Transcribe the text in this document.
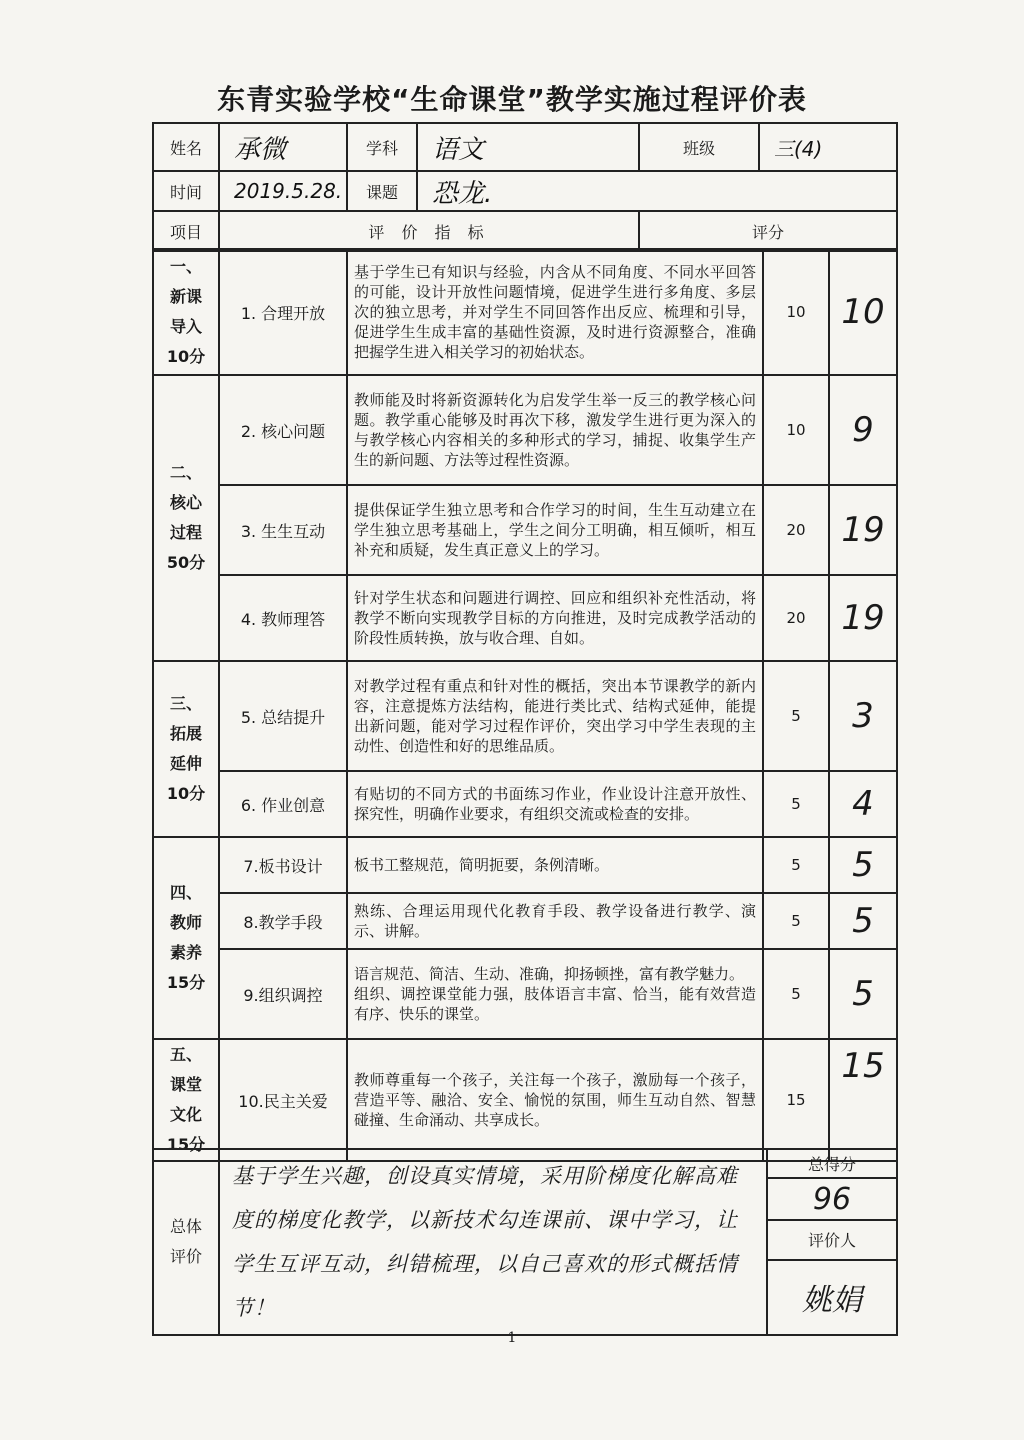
东青实验学校“生命课堂”教学实施过程评价表
姓名	承微	学科	语文	班级	三(4)
时间	2019.5.28.	课题	恐龙.		
项目	评 价 指 标			评分	
一、
新课
导入
10分	1. 合理开放	基于学生已有知识与经验，内含从不同角度、不同水平回答的可能，设计开放性问题情境，促进学生进行多角度、多层次的独立思考，并对学生不同回答作出反应、梳理和引导，促进学生生成丰富的基础性资源，及时进行资源整合，准确把握学生进入相关学习的初始状态。	10	10
二、
核心
过程
50分	2. 核心问题	教师能及时将新资源转化为启发学生举一反三的教学核心问题。教学重心能够及时再次下移，激发学生进行更为深入的与教学核心内容相关的多种形式的学习，捕捉、收集学生产生的新问题、方法等过程性资源。	10	9
	3. 生生互动	提供保证学生独立思考和合作学习的时间，生生互动建立在学生独立思考基础上，学生之间分工明确，相互倾听，相互补充和质疑，发生真正意义上的学习。	20	19
	4. 教师理答	针对学生状态和问题进行调控、回应和组织补充性活动，将教学不断向实现教学目标的方向推进，及时完成教学活动的阶段性质转换，放与收合理、自如。	20	19
三、
拓展
延伸
10分	5. 总结提升	对教学过程有重点和针对性的概括，突出本节课教学的新内容，注意提炼方法结构，能进行类比式、结构式延伸，能提出新问题，能对学习过程作评价，突出学习中学生表现的主动性、创造性和好的思维品质。	5	3
	6. 作业创意	有贴切的不同方式的书面练习作业，作业设计注意开放性、探究性，明确作业要求，有组织交流或检查的安排。	5	4
四、
教师
素养
15分	7.板书设计	板书工整规范，简明扼要，条例清晰。	5	5
	8.教学手段	熟练、合理运用现代化教育手段、教学设备进行教学、演示、讲解。	5	5
	9.组织调控	语言规范、简洁、生动、准确，抑扬顿挫，富有教学魅力。
组织、调控课堂能力强，肢体语言丰富、恰当，能有效营造有序、快乐的课堂。	5	5
五、
课堂
文化
15分	10.民主关爱	教师尊重每一个孩子，关注每一个孩子，激励每一个孩子，营造平等、融洽、安全、愉悦的氛围，师生互动自然、智慧碰撞、生命涌动、共享成长。	15	15
总体
评价	基于学生兴趣，创设真实情境，采用阶梯度化解高难度的梯度化教学，以新技术勾连课前、课中学习，让学生互评互动，纠错梳理，以自己喜欢的形式概括情节！	总得分
96
评价人
姚娟
1
